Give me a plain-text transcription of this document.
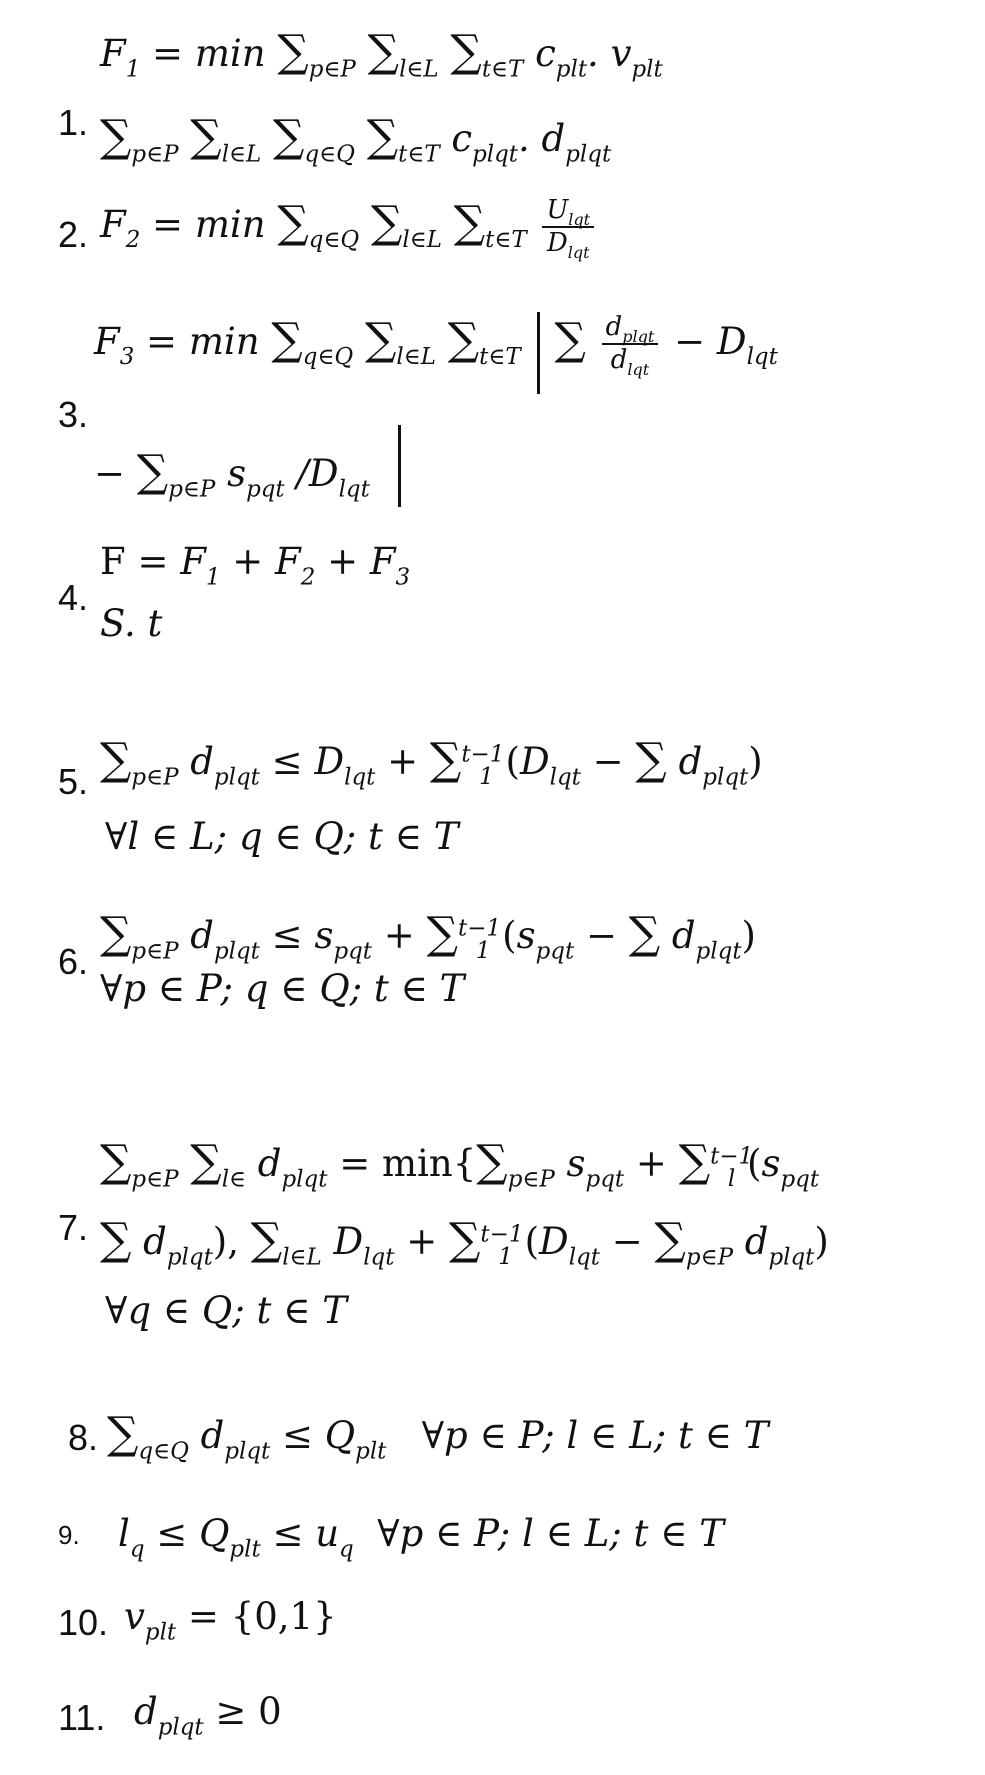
$F_1 = \min \sum_{p\in P}$ $\sum_{l\in L}$ $\sum_{t\in T}$ $c_{plt}$. $v_{plt}$
1. $\sum_{p\in P}$ $\sum_{l\in L}$ $\sum_{q\in Q}$ $\sum_{t\in T}$ $c_{plqt}$. $d_{plqt}$
2. $F_2 = \min \sum_{q\in Q}$ $\sum_{l\in L}$ $\sum_{t\in T} \frac{U_{lqt}}{D_{lqt}}$
$F_3 = \min \sum_{q\in Q}$ $\sum_{l\in L}$ $\sum_{t\in T}$ ∑ $\frac{d_{plqt}}{d_{lqt}} - D_{lqt}$
3.
− $\sum_{p\in P}$ $s_{pqt}$ $/D_{lqt}$
$F = F_1 + F_2 + F_3$
4.
S. t
5. $\sum_{p\in P}$ $d_{plqt} \le D_{lqt} + \sum^{t-1}_1$ ($D_{lqt}$ − ∑ $d_{plqt}$)
∀l ∈ L; q ∈ Q; t ∈ T
6.
$\sum_{p\in P}$ $d_{plqt} \le s_{pqt} + \sum^{t-1}_1$ ($s_{pqt}$ − ∑ $d_{plqt}$)
∀p ∈ P; q ∈ Q; t ∈ T
$\sum_{p\in P}$ $\sum_{l\in}$ $d_{plqt} = \min\{\sum_{p\in P}$ $s_{pqt} + \sum^{t-1}_l$ ($s_{pqt}$
7. ∑ $d_{plqt}$), $\sum_{l\in L}$ $D_{lqt} + \sum^{t-1}_1$ ($D_{lqt} - \sum_{p\in P}$ $d_{plqt}$)
∀q ∈ Q; t ∈ T
8. $\sum_{q\in Q}$ $d_{plqt} \le Q_{plt}$   ∀p ∈ P; l ∈ L; t ∈ T
9. $l_q \le Q_{plt} \le u_q$  ∀p ∈ P; l ∈ L; t ∈ T
10. $v_{plt} = \{0,1\}$
11. $d_{plqt} \ge 0$
